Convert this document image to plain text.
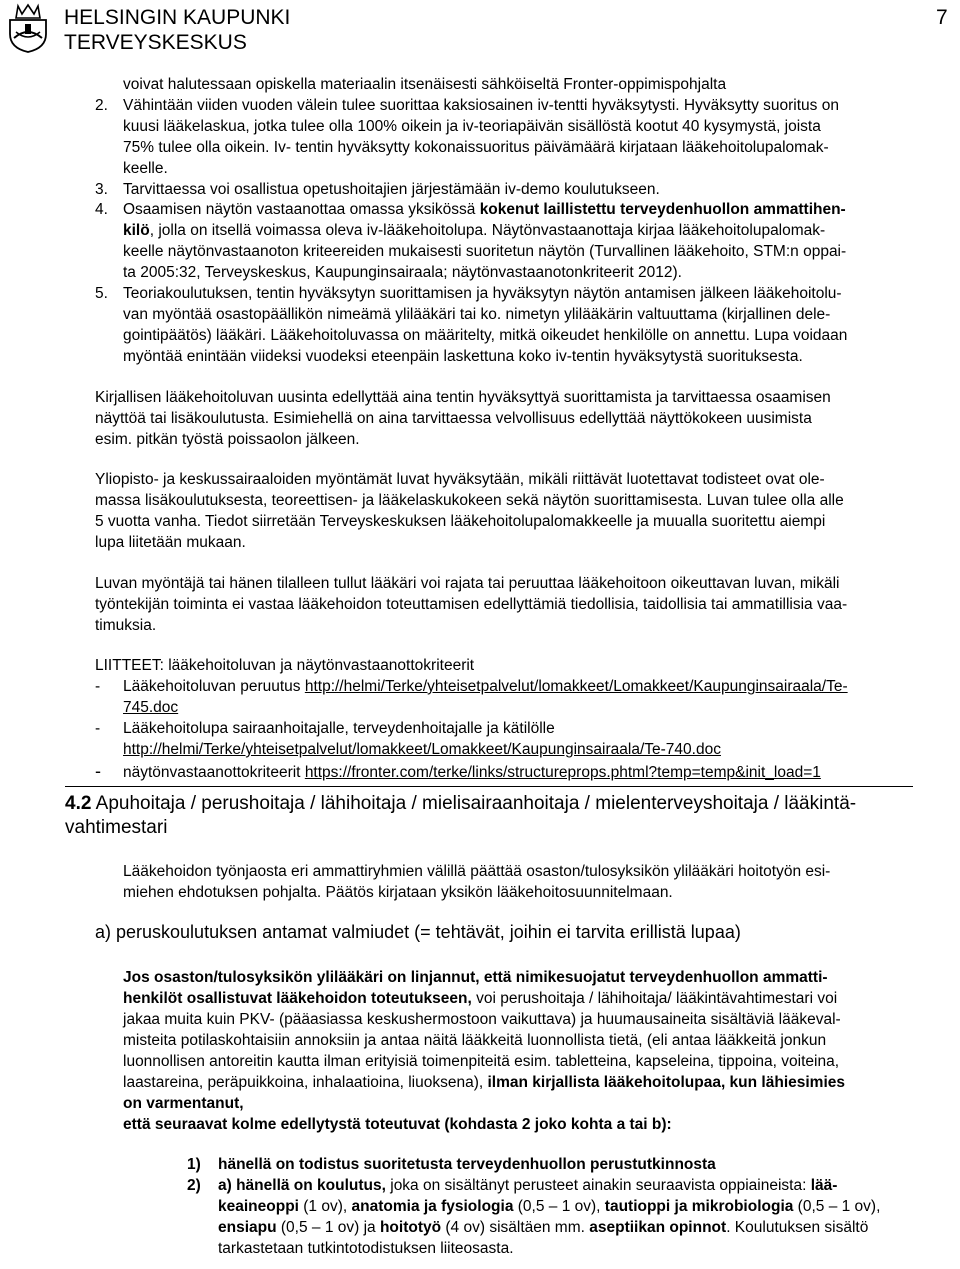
HELSINGIN KAUPUNKI
TERVEYSKESKUS
7

voivat halutessaan opiskella materiaalin itsenäisesti sähköiseltä Fronter-oppimispohjalta

2. Vähintään viiden vuoden välein tulee suorittaa kaksiosainen iv-tentti hyväksytysti. Hyväksytty suoritus on

kuusi lääkelaskua, jotka tulee olla 100% oikein ja iv-teoriapäivän sisällöstä kootut 40 kysymystä, joista

75% tulee olla oikein. Iv- tentin hyväksytty kokonaissuoritus päivämäärä kirjataan lääkehoitolupalomak-

keelle.

3. Tarvittaessa voi osallistua opetushoitajien järjestämään iv-demo koulutukseen.

4. Osaamisen näytön vastaanottaa omassa yksikössä kokenut laillistettu terveydenhuollon ammattihen-

kilö, jolla on itsellä voimassa oleva iv-lääkehoitolupa. Näytönvastaanottaja kirjaa lääkehoitolupalomak-

keelle näytönvastaanoton kriteereiden mukaisesti suoritetun näytön (Turvallinen lääkehoito, STM:n oppai-

ta 2005:32, Terveyskeskus, Kaupunginsairaala; näytönvastaanotonkriteerit 2012).

5. Teoriakoulutuksen, tentin hyväksytyn suorittamisen ja hyväksytyn näytön antamisen jälkeen lääkehoitolu-

van myöntää osastopäällikön nimeämä ylilääkäri tai ko. nimetyn ylilääkärin valtuuttama (kirjallinen dele-

gointipäätös) lääkäri. Lääkehoitoluvassa on määritelty, mitkä oikeudet henkilölle on annettu. Lupa voidaan

myöntää enintään viideksi vuodeksi eteenpäin laskettuna koko iv-tentin hyväksytystä suorituksesta.

Kirjallisen lääkehoitoluvan uusinta edellyttää aina tentin hyväksyttyä suorittamista ja tarvittaessa osaamisen

näyttöä tai lisäkoulutusta. Esimiehellä on aina tarvittaessa velvollisuus edellyttää näyttökokeen uusimista

esim. pitkän työstä poissaolon jälkeen.

Yliopisto- ja keskussairaaloiden myöntämät luvat hyväksytään, mikäli riittävät luotettavat todisteet ovat ole-

massa lisäkoulutuksesta, teoreettisen- ja lääkelaskukokeen sekä näytön suorittamisesta. Luvan tulee olla alle

5 vuotta vanha. Tiedot siirretään Terveyskeskuksen lääkehoitolupalomakkeelle ja muualla suoritettu aiempi

lupa liitetään mukaan.

Luvan myöntäjä tai hänen tilalleen tullut lääkäri voi rajata tai peruuttaa lääkehoitoon oikeuttavan luvan, mikäli

työntekijän toiminta ei vastaa lääkehoidon toteuttamisen edellyttämiä tiedollisia, taidollisia tai ammatillisia vaa-

timuksia.

LIITTEET: lääkehoitoluvan ja näytönvastaanottokriteerit

- Lääkehoitoluvan peruutus http://helmi/Terke/yhteisetpalvelut/lomakkeet/Lomakkeet/Kaupunginsairaala/Te-

745.doc

- Lääkehoitolupa sairaanhoitajalle, terveydenhoitajalle ja kätilölle

http://helmi/Terke/yhteisetpalvelut/lomakkeet/Lomakkeet/Kaupunginsairaala/Te-740.doc

- näytönvastaanottokriteerit https://fronter.com/terke/links/structureprops.phtml?temp=temp&init_load=1

4.2 Apuhoitaja / perushoitaja / lähihoitaja / mielisairaanhoitaja / mielenterveyshoitaja / lääkintä-
vahtimestari

Lääkehoidon työnjaosta eri ammattiryhmien välillä päättää osaston/tulosyksikön ylilääkäri hoitotyön esi-

miehen ehdotuksen pohjalta. Päätös kirjataan yksikön lääkehoitosuunnitelmaan.

a) peruskoulutuksen antamat valmiudet (= tehtävät, joihin ei tarvita erillistä lupaa)

Jos osaston/tulosyksikön ylilääkäri on linjannut, että nimikesuojatut terveydenhuollon ammatti-

henkilöt osallistuvat lääkehoidon toteutukseen, voi perushoitaja / lähihoitaja/ lääkintävahtimestari voi

jakaa muita kuin PKV- (pääasiassa keskushermostoon vaikuttava) ja huumausaineita sisältäviä lääkeval-

misteita potilaskohtaisiin annoksiin ja antaa näitä lääkkeitä luonnollista tietä, (eli antaa lääkkeitä jonkun

luonnollisen antoreitin kautta ilman erityisiä toimenpiteitä esim. tabletteina, kapseleina, tippoina, voiteina,

laastareina, peräpuikkoina, inhalaatioina, liuoksena), ilman kirjallista lääkehoitolupaa, kun lähiesimies

on varmentanut,

että seuraavat kolme edellytystä toteutuvat (kohdasta 2 joko kohta a tai b):

1) hänellä on todistus suoritetusta terveydenhuollon perustutkinnosta

2) a) hänellä on koulutus, joka on sisältänyt perusteet ainakin seuraavista oppiaineista: lää-

keaineoppi (1 ov), anatomia ja fysiologia (0,5 – 1 ov), tautioppi ja mikrobiologia (0,5 – 1 ov),

ensiapu (0,5 – 1 ov) ja hoitotyö (4 ov) sisältäen mm. aseptiikan opinnot. Koulutuksen sisältö

tarkastetaan tutkintotodistuksen liiteosasta.
